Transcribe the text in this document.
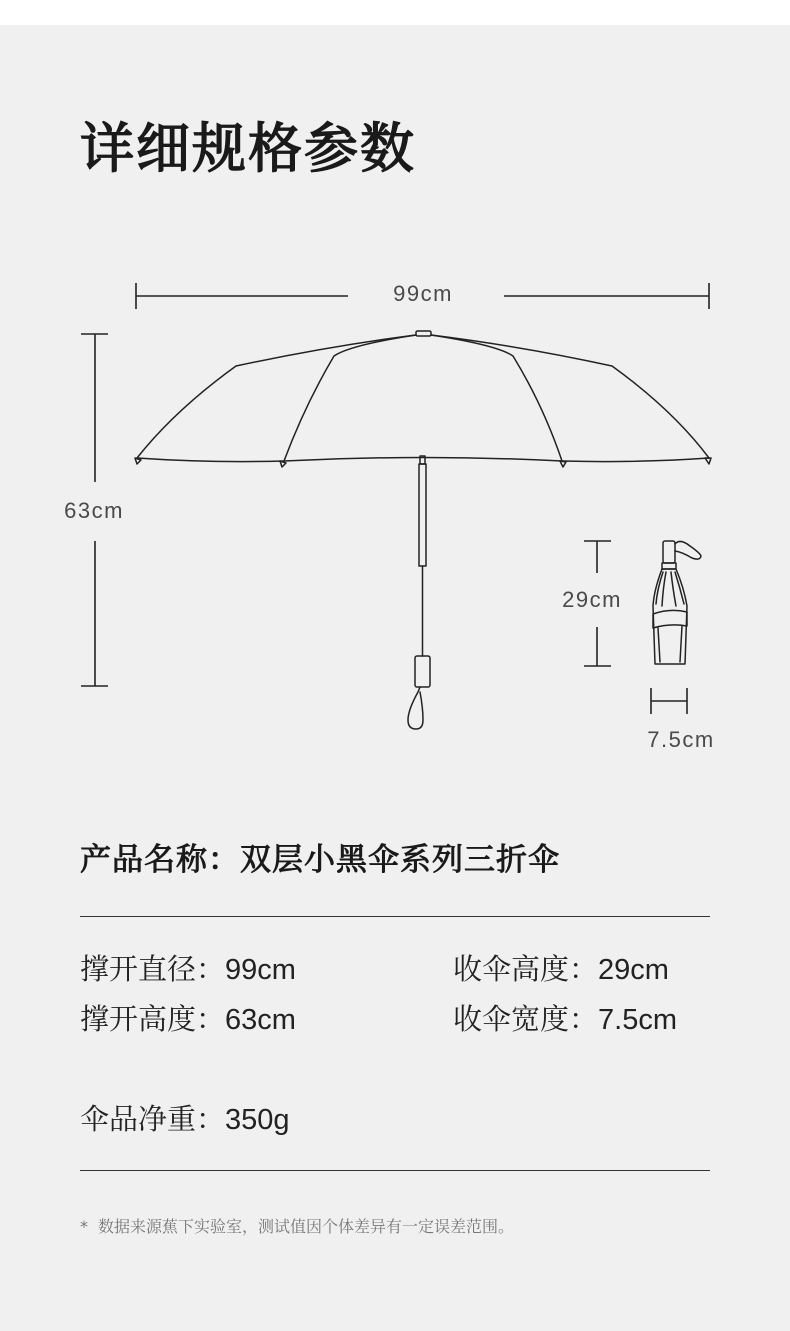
详细规格参数
99cm
63cm
29cm
7.5cm
产品名称：双层小黑伞系列三折伞
撑开直径：99cm	收伞高度：29cm
撑开高度：63cm	收伞宽度：7.5cm
伞品净重：350g
* 数据来源蕉下实验室，测试值因个体差异有一定误差范围。
